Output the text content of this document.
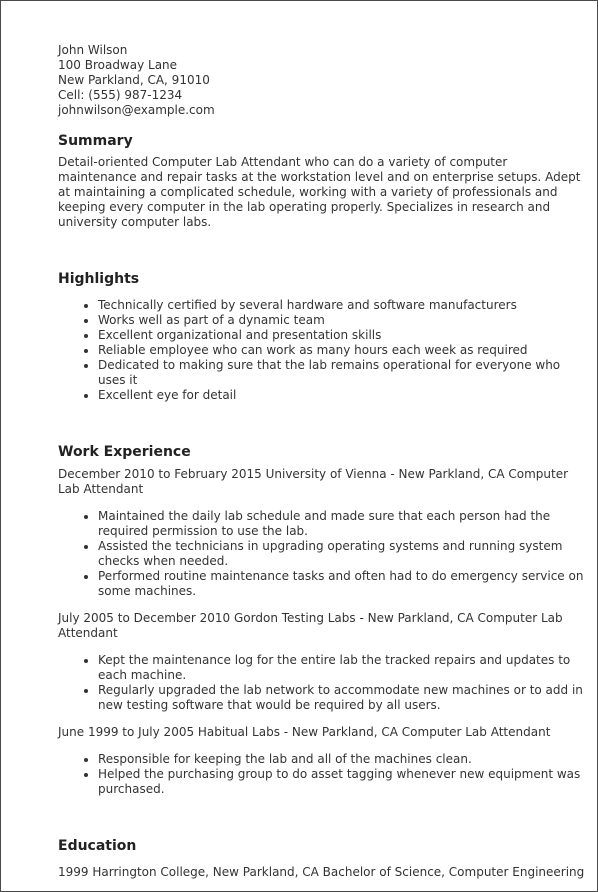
John Wilson
100 Broadway Lane
New Parkland, CA, 91010
Cell: (555) 987-1234
johnwilson@example.com
Summary
Detail-oriented Computer Lab Attendant who can do a variety of computer maintenance and repair tasks at the workstation level and on enterprise setups. Adept at maintaining a complicated schedule, working with a variety of professionals and keeping every computer in the lab operating properly. Specializes in research and university computer labs.
Highlights
• Technically certified by several hardware and software manufacturers
• Works well as part of a dynamic team
• Excellent organizational and presentation skills
• Reliable employee who can work as many hours each week as required
• Dedicated to making sure that the lab remains operational for everyone who uses it
• Excellent eye for detail
Work Experience
December 2010 to February 2015 University of Vienna - New Parkland, CA Computer Lab Attendant
• Maintained the daily lab schedule and made sure that each person had the required permission to use the lab.
• Assisted the technicians in upgrading operating systems and running system checks when needed.
• Performed routine maintenance tasks and often had to do emergency service on some machines.
July 2005 to December 2010 Gordon Testing Labs - New Parkland, CA Computer Lab Attendant
• Kept the maintenance log for the entire lab the tracked repairs and updates to each machine.
• Regularly upgraded the lab network to accommodate new machines or to add in new testing software that would be required by all users.
June 1999 to July 2005 Habitual Labs - New Parkland, CA Computer Lab Attendant
• Responsible for keeping the lab and all of the machines clean.
• Helped the purchasing group to do asset tagging whenever new equipment was purchased.
Education
1999 Harrington College, New Parkland, CA Bachelor of Science, Computer Engineering
